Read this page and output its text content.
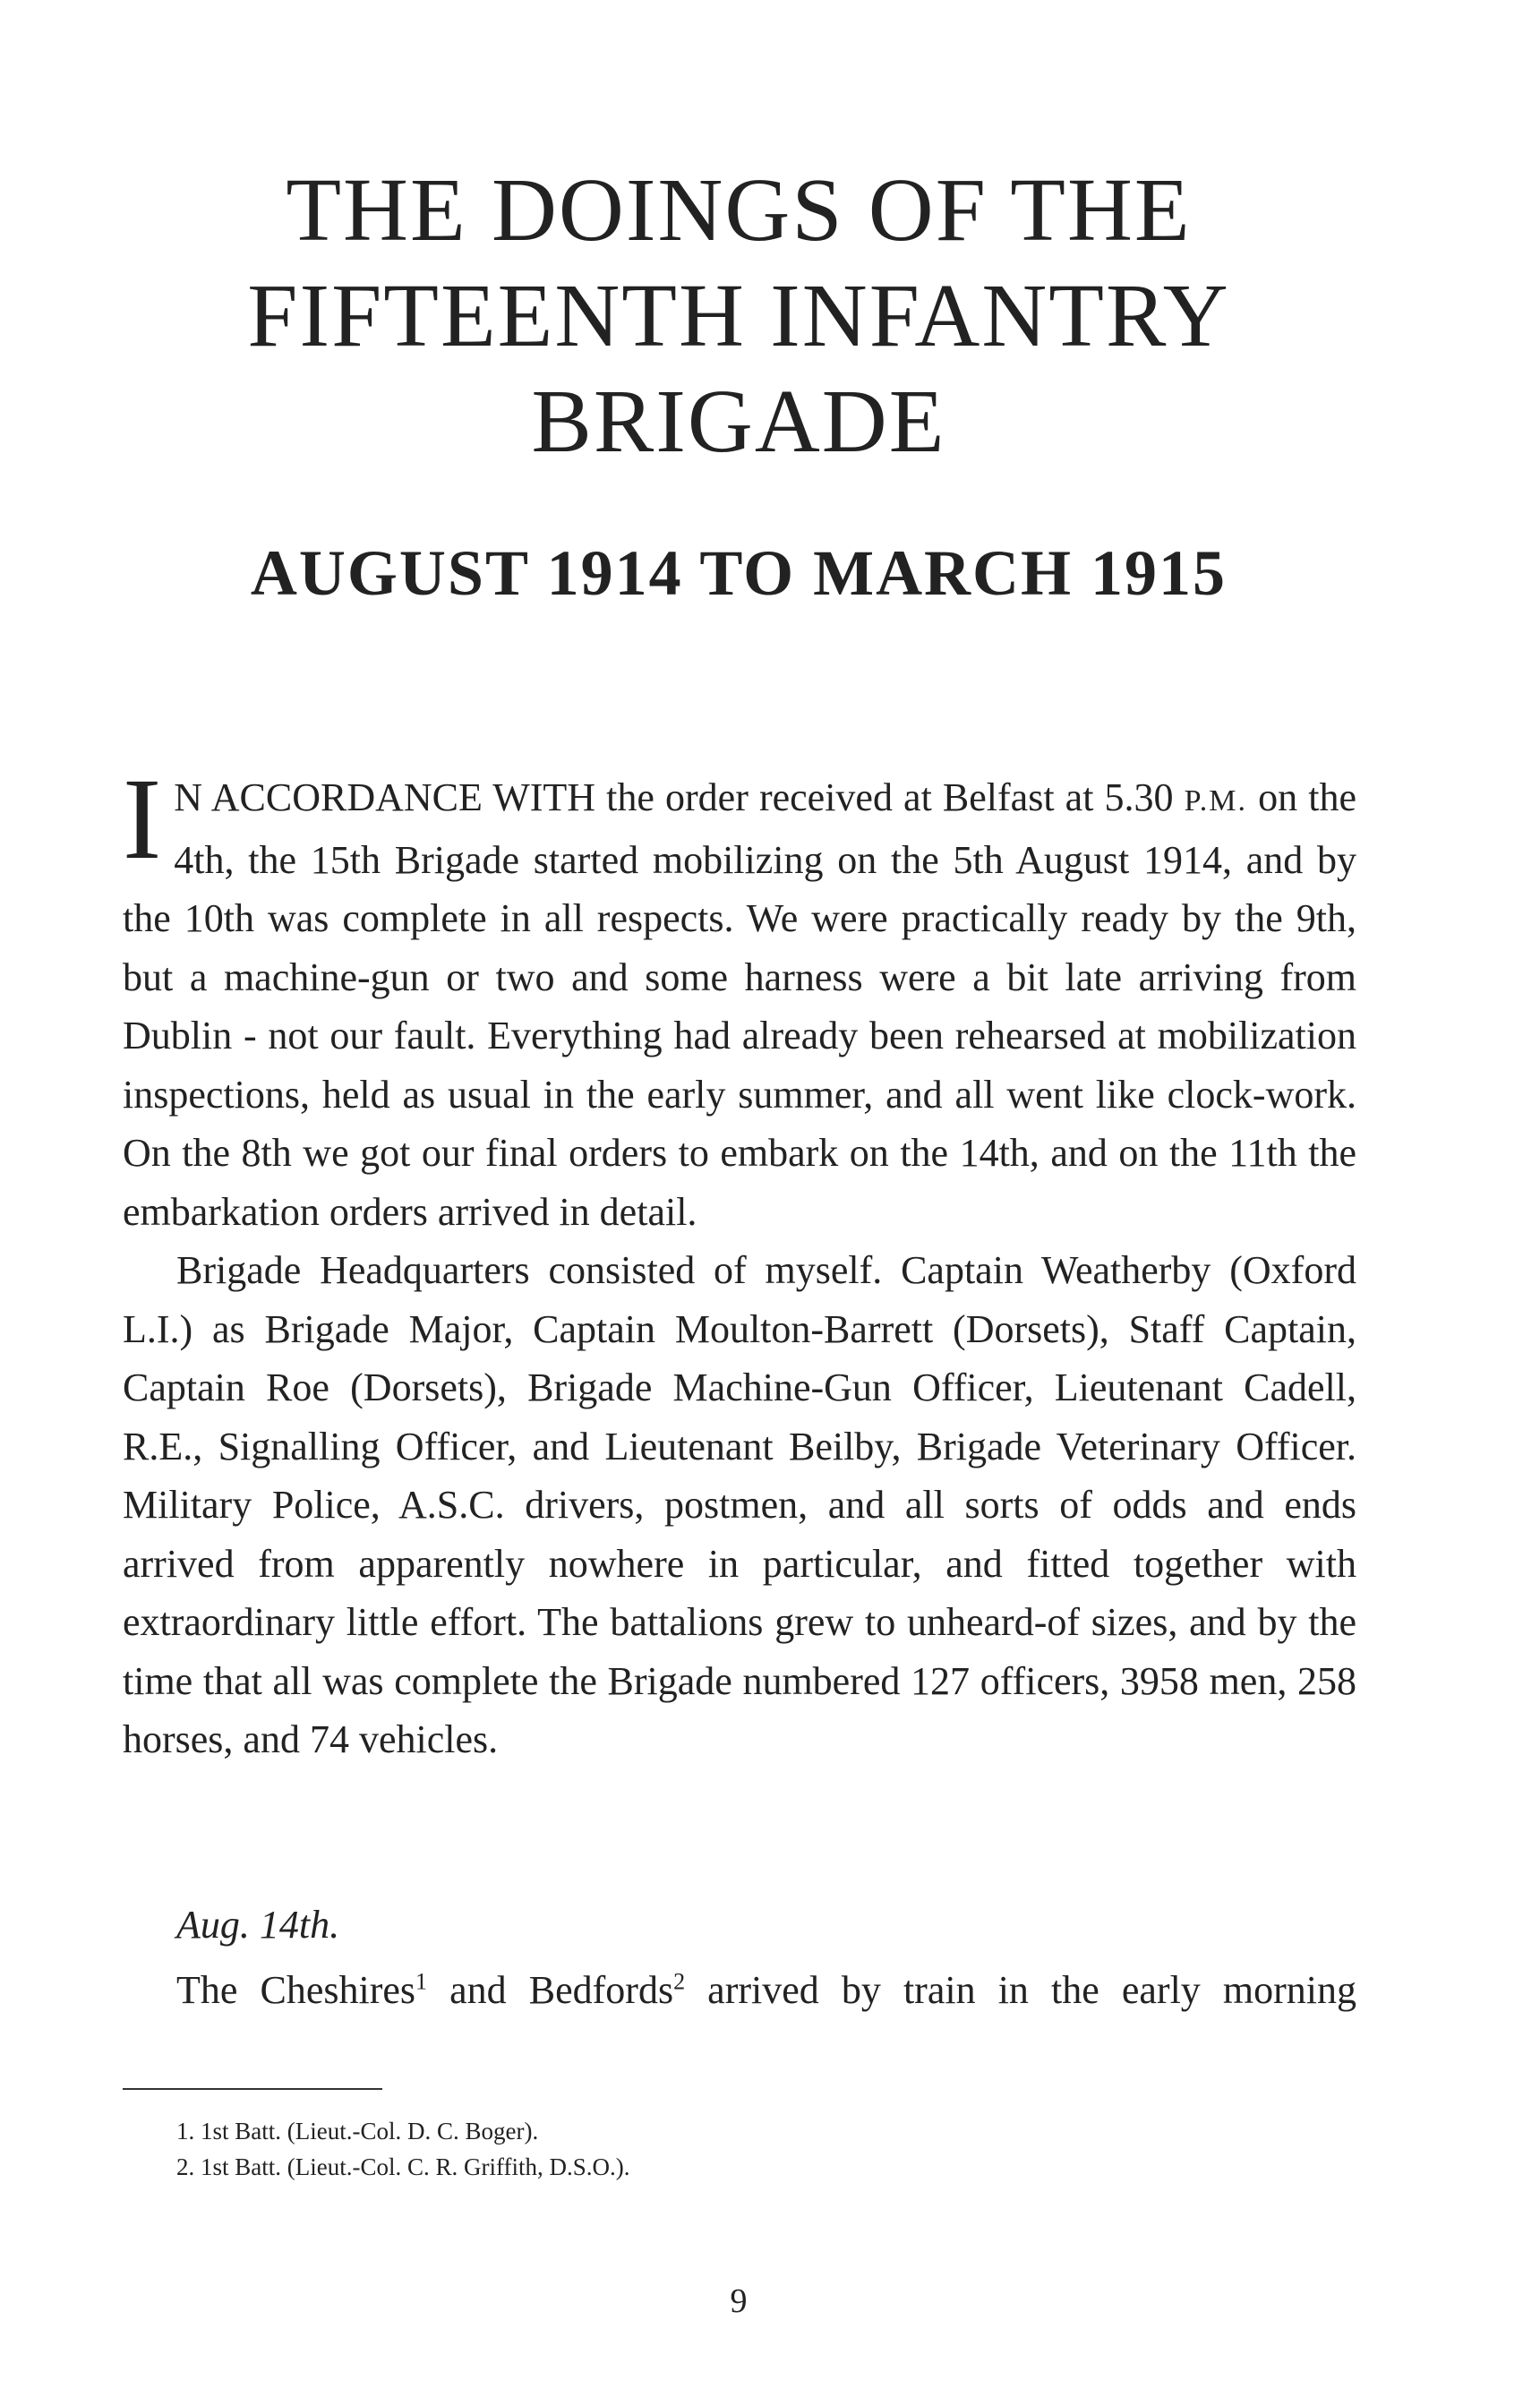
THE DOINGS OF THE
FIFTEENTH INFANTRY
BRIGADE
AUGUST 1914 TO MARCH 1915

I N ACCORDANCE WITH the order received at Belfast at 5.30 P.M. on the 4th, the 15th Brigade started mobilizing on the 5th August 1914, and by the 10th was complete in all respects. We were practically ready by the 9th, but a machine-gun or two and some harness were a bit late arriving from Dublin - not our fault. Everything had already been rehearsed at mobilization inspections, held as usual in the early summer, and all went like clock-work. On the 8th we got our final orders to embark on the 14th, and on the 11th the embarkation orders arrived in detail.

Brigade Headquarters consisted of myself. Captain Weatherby (Oxford L.I.) as Brigade Major, Captain Moulton-Barrett (Dorsets), Staff Captain, Captain Roe (Dorsets), Brigade Machine-Gun Officer, Lieutenant Cadell, R.E., Signalling Officer, and Lieutenant Beilby, Brigade Veterinary Officer. Military Police, A.S.C. drivers, postmen, and all sorts of odds and ends arrived from apparently nowhere in particular, and fitted together with extraordinary little effort. The battalions grew to unheard-of sizes, and by the time that all was complete the Brigade numbered 127 officers, 3958 men, 258 horses, and 74 vehicles.

Aug. 14th.

The Cheshires$^1$ and Bedfords$^2$ arrived by train in the early morning

1. 1st Batt. (Lieut.-Col. D. C. Boger).
2. 1st Batt. (Lieut.-Col. C. R. Griffith, D.S.O.).
9
